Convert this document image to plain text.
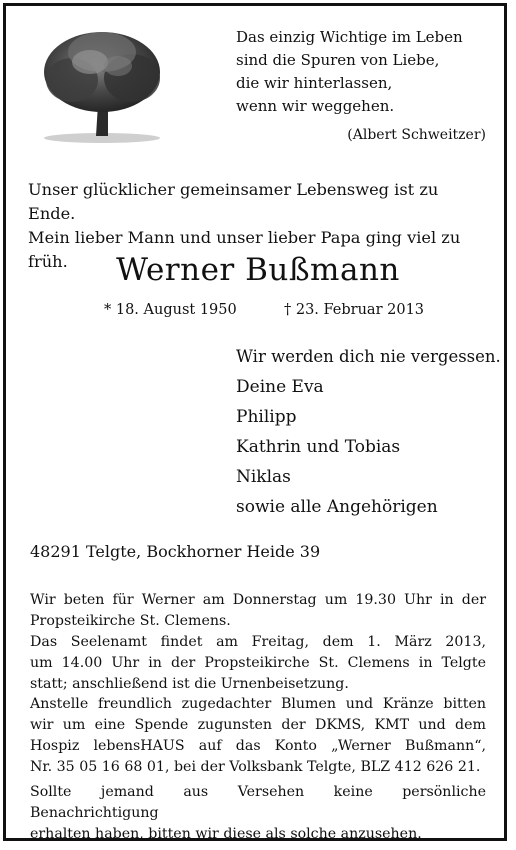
Das einzig Wichtige im Leben
sind die Spuren von Liebe,
die wir hinterlassen,
wenn wir weggehen.
(Albert Schweitzer)
Unser glücklicher gemeinsamer Lebensweg ist zu Ende.
Mein lieber Mann und unser lieber Papa ging viel zu früh.	Werner Bußmann
* 18. August 1950	† 23. Februar 2013
Wir werden dich nie vergessen.
Deine Eva
Philipp
Kathrin und Tobias
Niklas
sowie alle Angehörigen
48291 Telgte, Bockhorner Heide 39
Wir beten für Werner am Donnerstag um 19.30 Uhr in der
Propsteikirche St. Clemens.
Das Seelenamt findet am Freitag, dem 1. März 2013,
um 14.00 Uhr in der Propsteikirche St. Clemens in Telgte
statt; anschließend ist die Urnenbeisetzung.
Anstelle freundlich zugedachter Blumen und Kränze bitten
wir um eine Spende zugunsten der DKMS, KMT und dem
Hospiz lebensHAUS auf das Konto „Werner Bußmann“,
Nr. 35 05 16 68 01, bei der Volksbank Telgte, BLZ 412 626 21.
Sollte jemand aus Versehen keine persönliche Benachrichtigung
erhalten haben, bitten wir diese als solche anzusehen.
